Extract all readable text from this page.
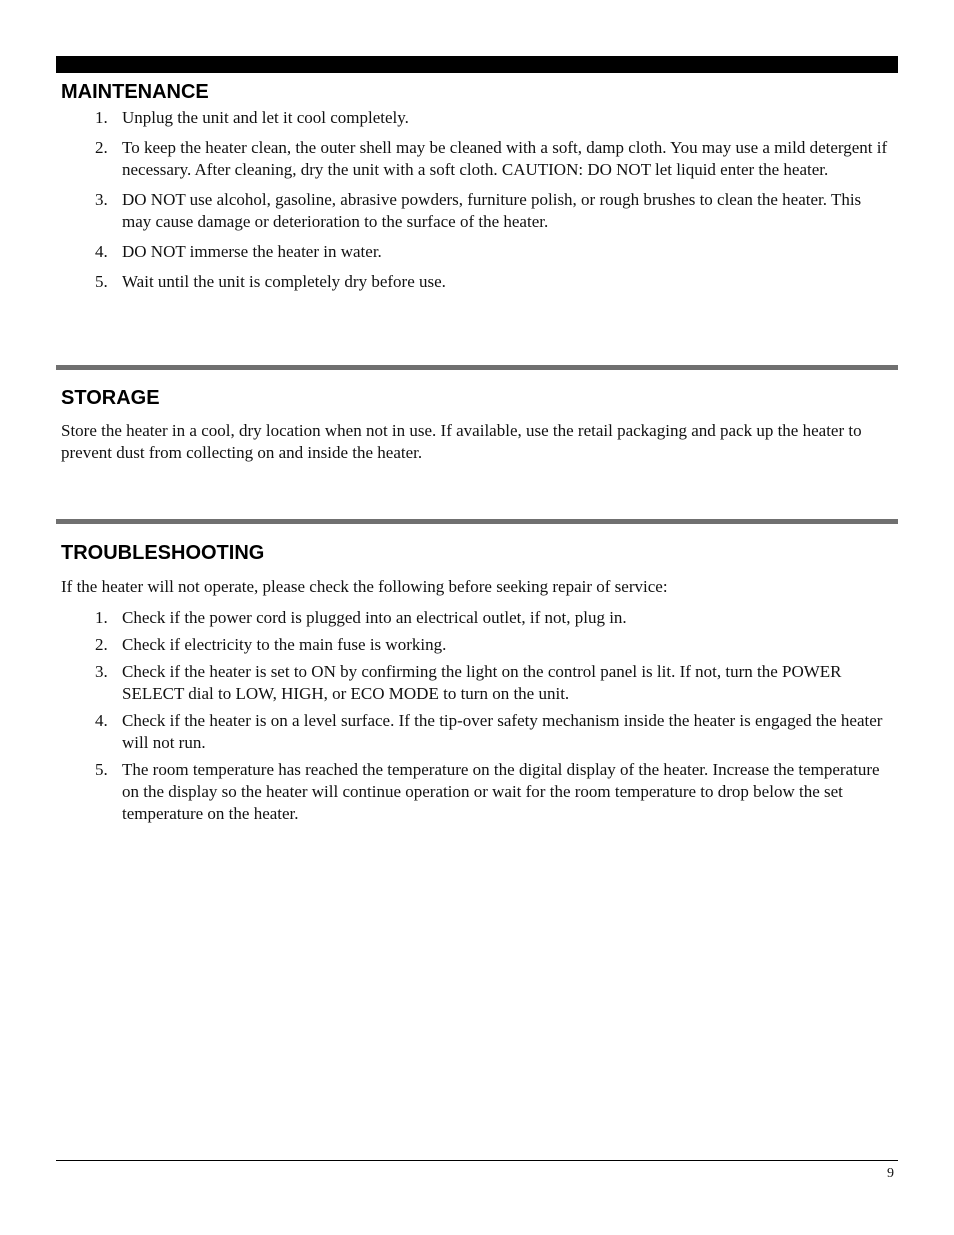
MAINTENANCE
1. Unplug the unit and let it cool completely.
2. To keep the heater clean, the outer shell may be cleaned with a soft, damp cloth. You may use a mild detergent if necessary. After cleaning, dry the unit with a soft cloth. CAUTION: DO NOT let liquid enter the heater.
3. DO NOT use alcohol, gasoline, abrasive powders, furniture polish, or rough brushes to clean the heater. This may cause damage or deterioration to the surface of the heater.
4. DO NOT immerse the heater in water.
5. Wait until the unit is completely dry before use.
STORAGE

Store the heater in a cool, dry location when not in use. If available, use the retail packaging and pack up the heater to prevent dust from collecting on and inside the heater.

TROUBLESHOOTING

If the heater will not operate, please check the following before seeking repair of service:

1. Check if the power cord is plugged into an electrical outlet, if not, plug in.
2. Check if electricity to the main fuse is working.
3. Check if the heater is set to ON by confirming the light on the control panel is lit. If not, turn the POWER SELECT dial to LOW, HIGH, or ECO MODE to turn on the unit.
4. Check if the heater is on a level surface. If the tip-over safety mechanism inside the heater is engaged the heater will not run.
5. The room temperature has reached the temperature on the digital display of the heater. Increase the temperature on the display so the heater will continue operation or wait for the room temperature to drop below the set temperature on the heater.
9
